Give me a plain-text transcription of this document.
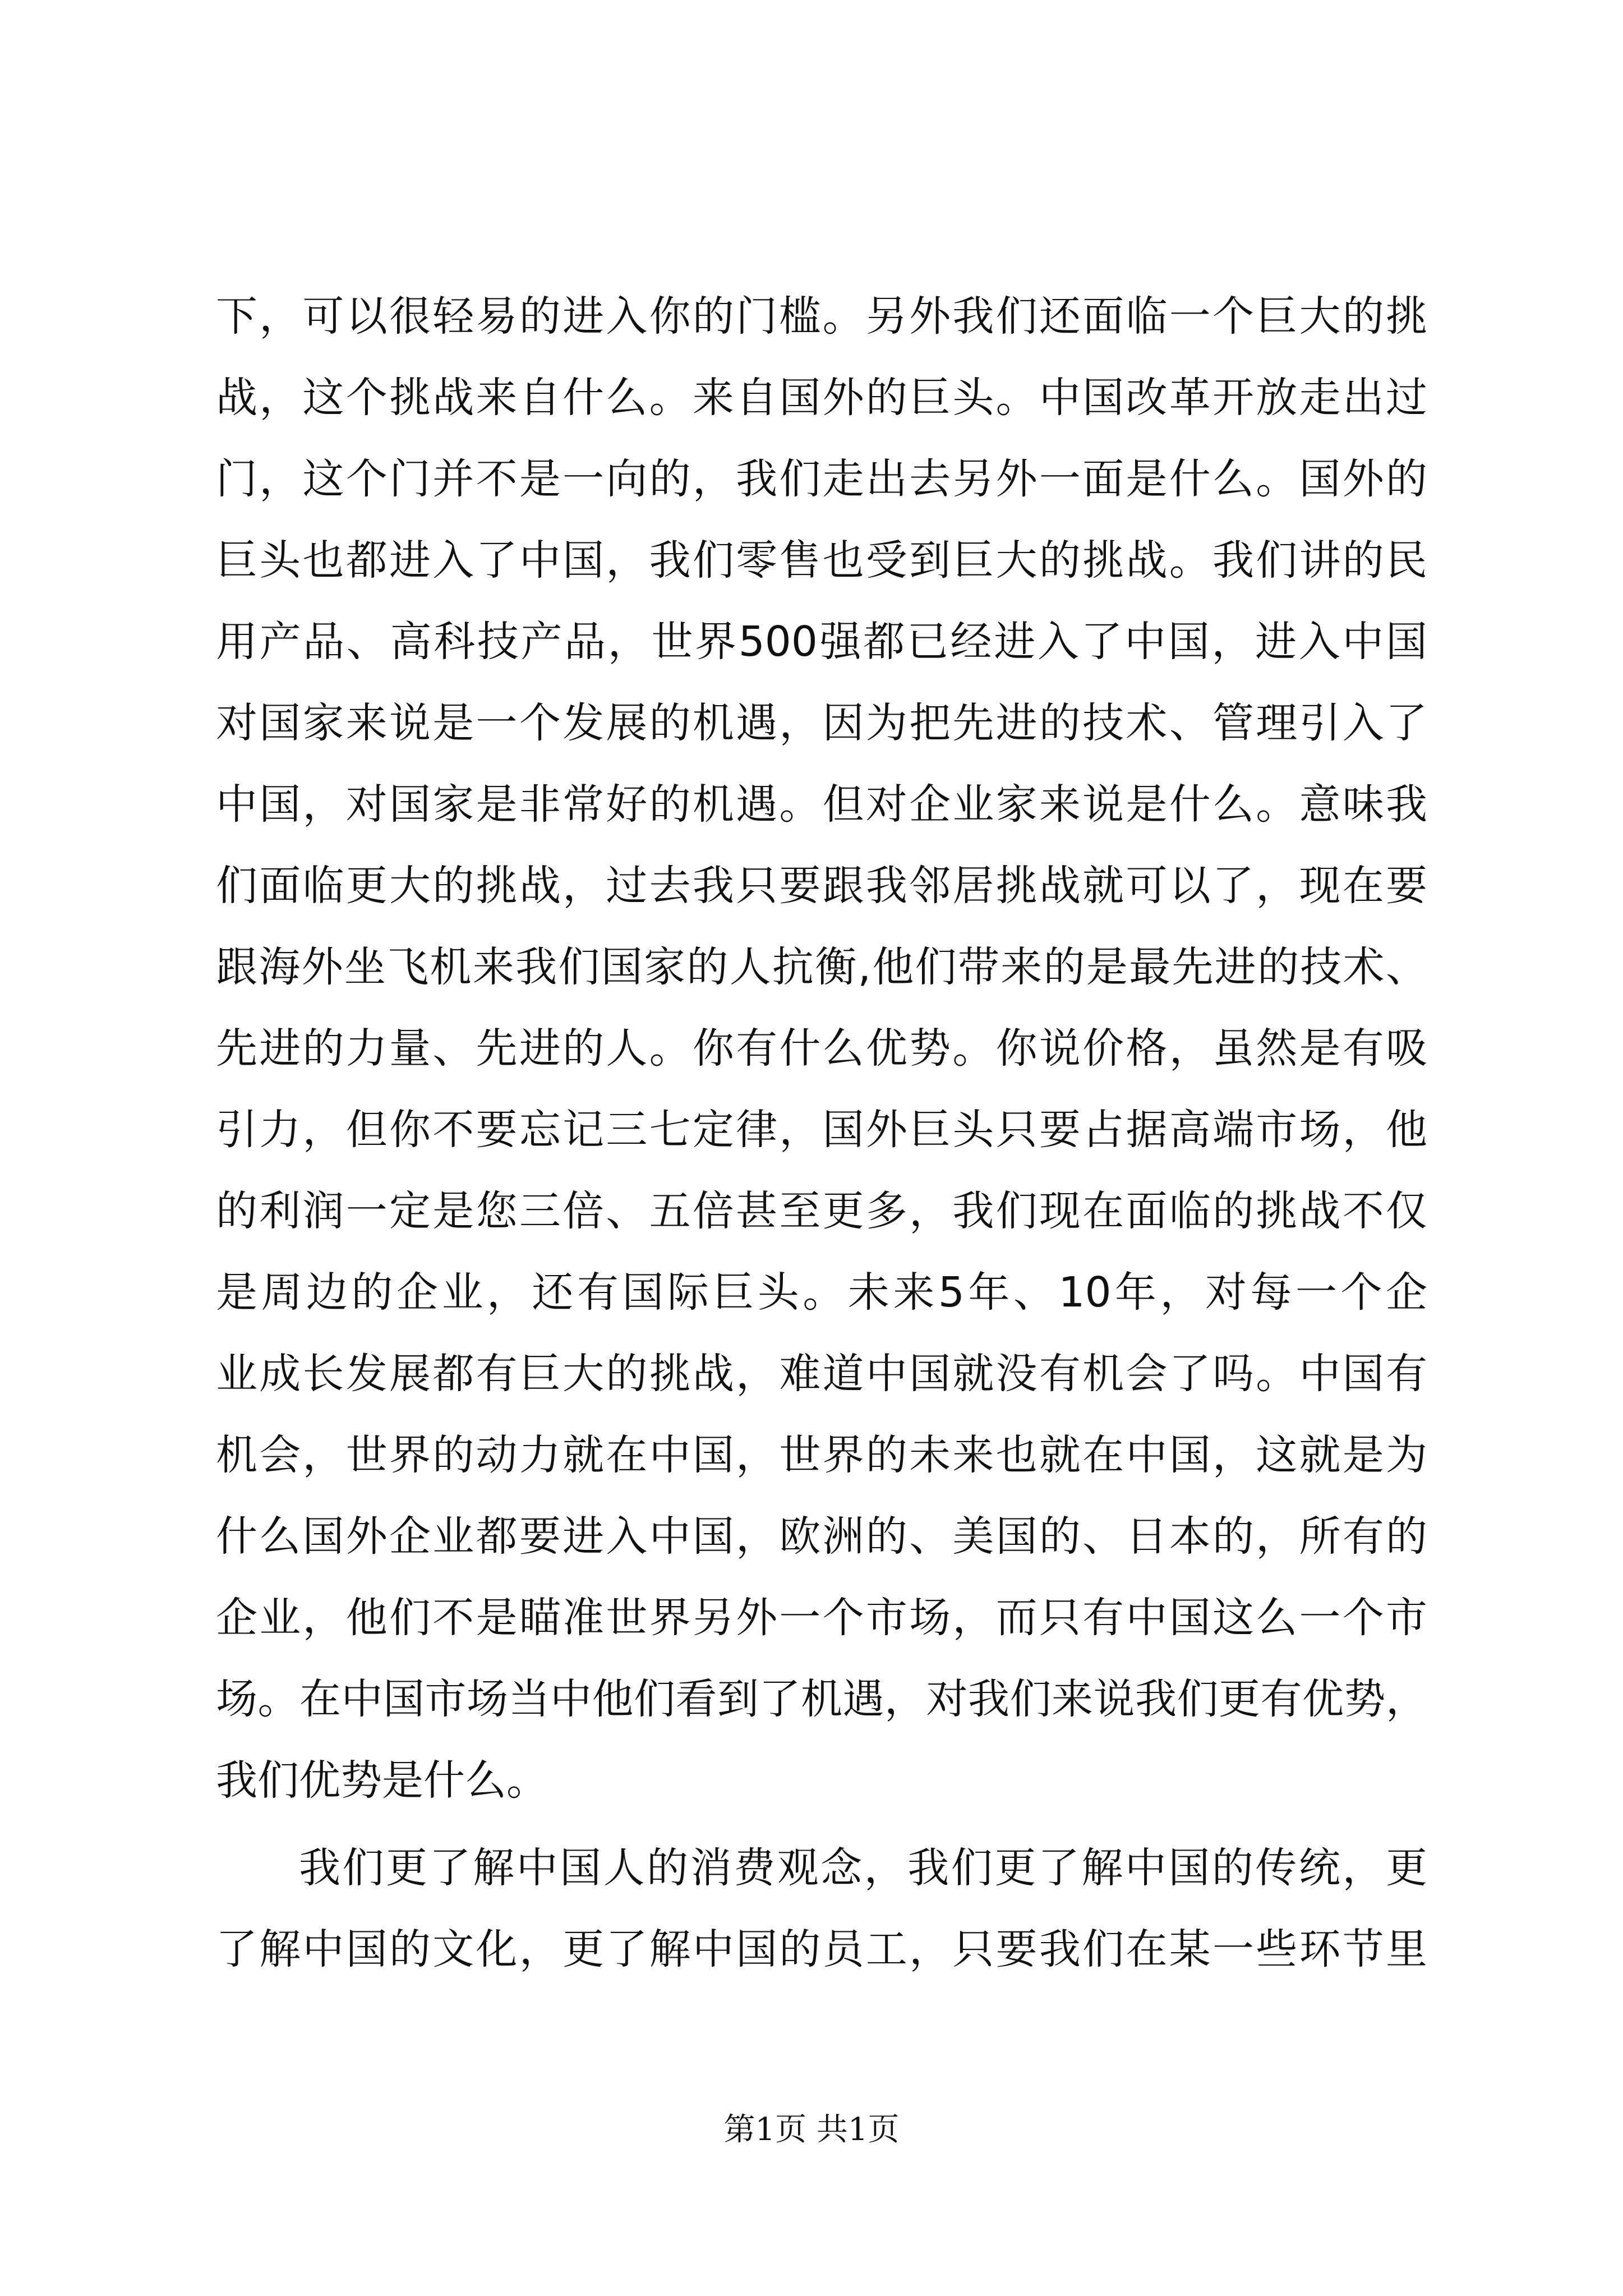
下，可以很轻易的进入你的门槛。另外我们还面临一个巨大的挑
战，这个挑战来自什么。来自国外的巨头。中国改革开放走出过
门，这个门并不是一向的，我们走出去另外一面是什么。国外的
巨头也都进入了中国，我们零售也受到巨大的挑战。我们讲的民
用产品、高科技产品，世界500强都已经进入了中国，进入中国
对国家来说是一个发展的机遇，因为把先进的技术、管理引入了
中国，对国家是非常好的机遇。但对企业家来说是什么。意味我
们面临更大的挑战，过去我只要跟我邻居挑战就可以了，现在要
跟海外坐飞机来我们国家的人抗衡,他们带来的是最先进的技术、
先进的力量、先进的人。你有什么优势。你说价格，虽然是有吸
引力，但你不要忘记三七定律，国外巨头只要占据高端市场，他
的利润一定是您三倍、五倍甚至更多，我们现在面临的挑战不仅
是周边的企业，还有国际巨头。未来5年、10年，对每一个企
业成长发展都有巨大的挑战，难道中国就没有机会了吗。中国有
机会，世界的动力就在中国，世界的未来也就在中国，这就是为
什么国外企业都要进入中国，欧洲的、美国的、日本的，所有的
企业，他们不是瞄准世界另外一个市场，而只有中国这么一个市
场。在中国市场当中他们看到了机遇，对我们来说我们更有优势，
我们优势是什么。
我们更了解中国人的消费观念，我们更了解中国的传统，更
了解中国的文化，更了解中国的员工，只要我们在某一些环节里
第1页 共1页
